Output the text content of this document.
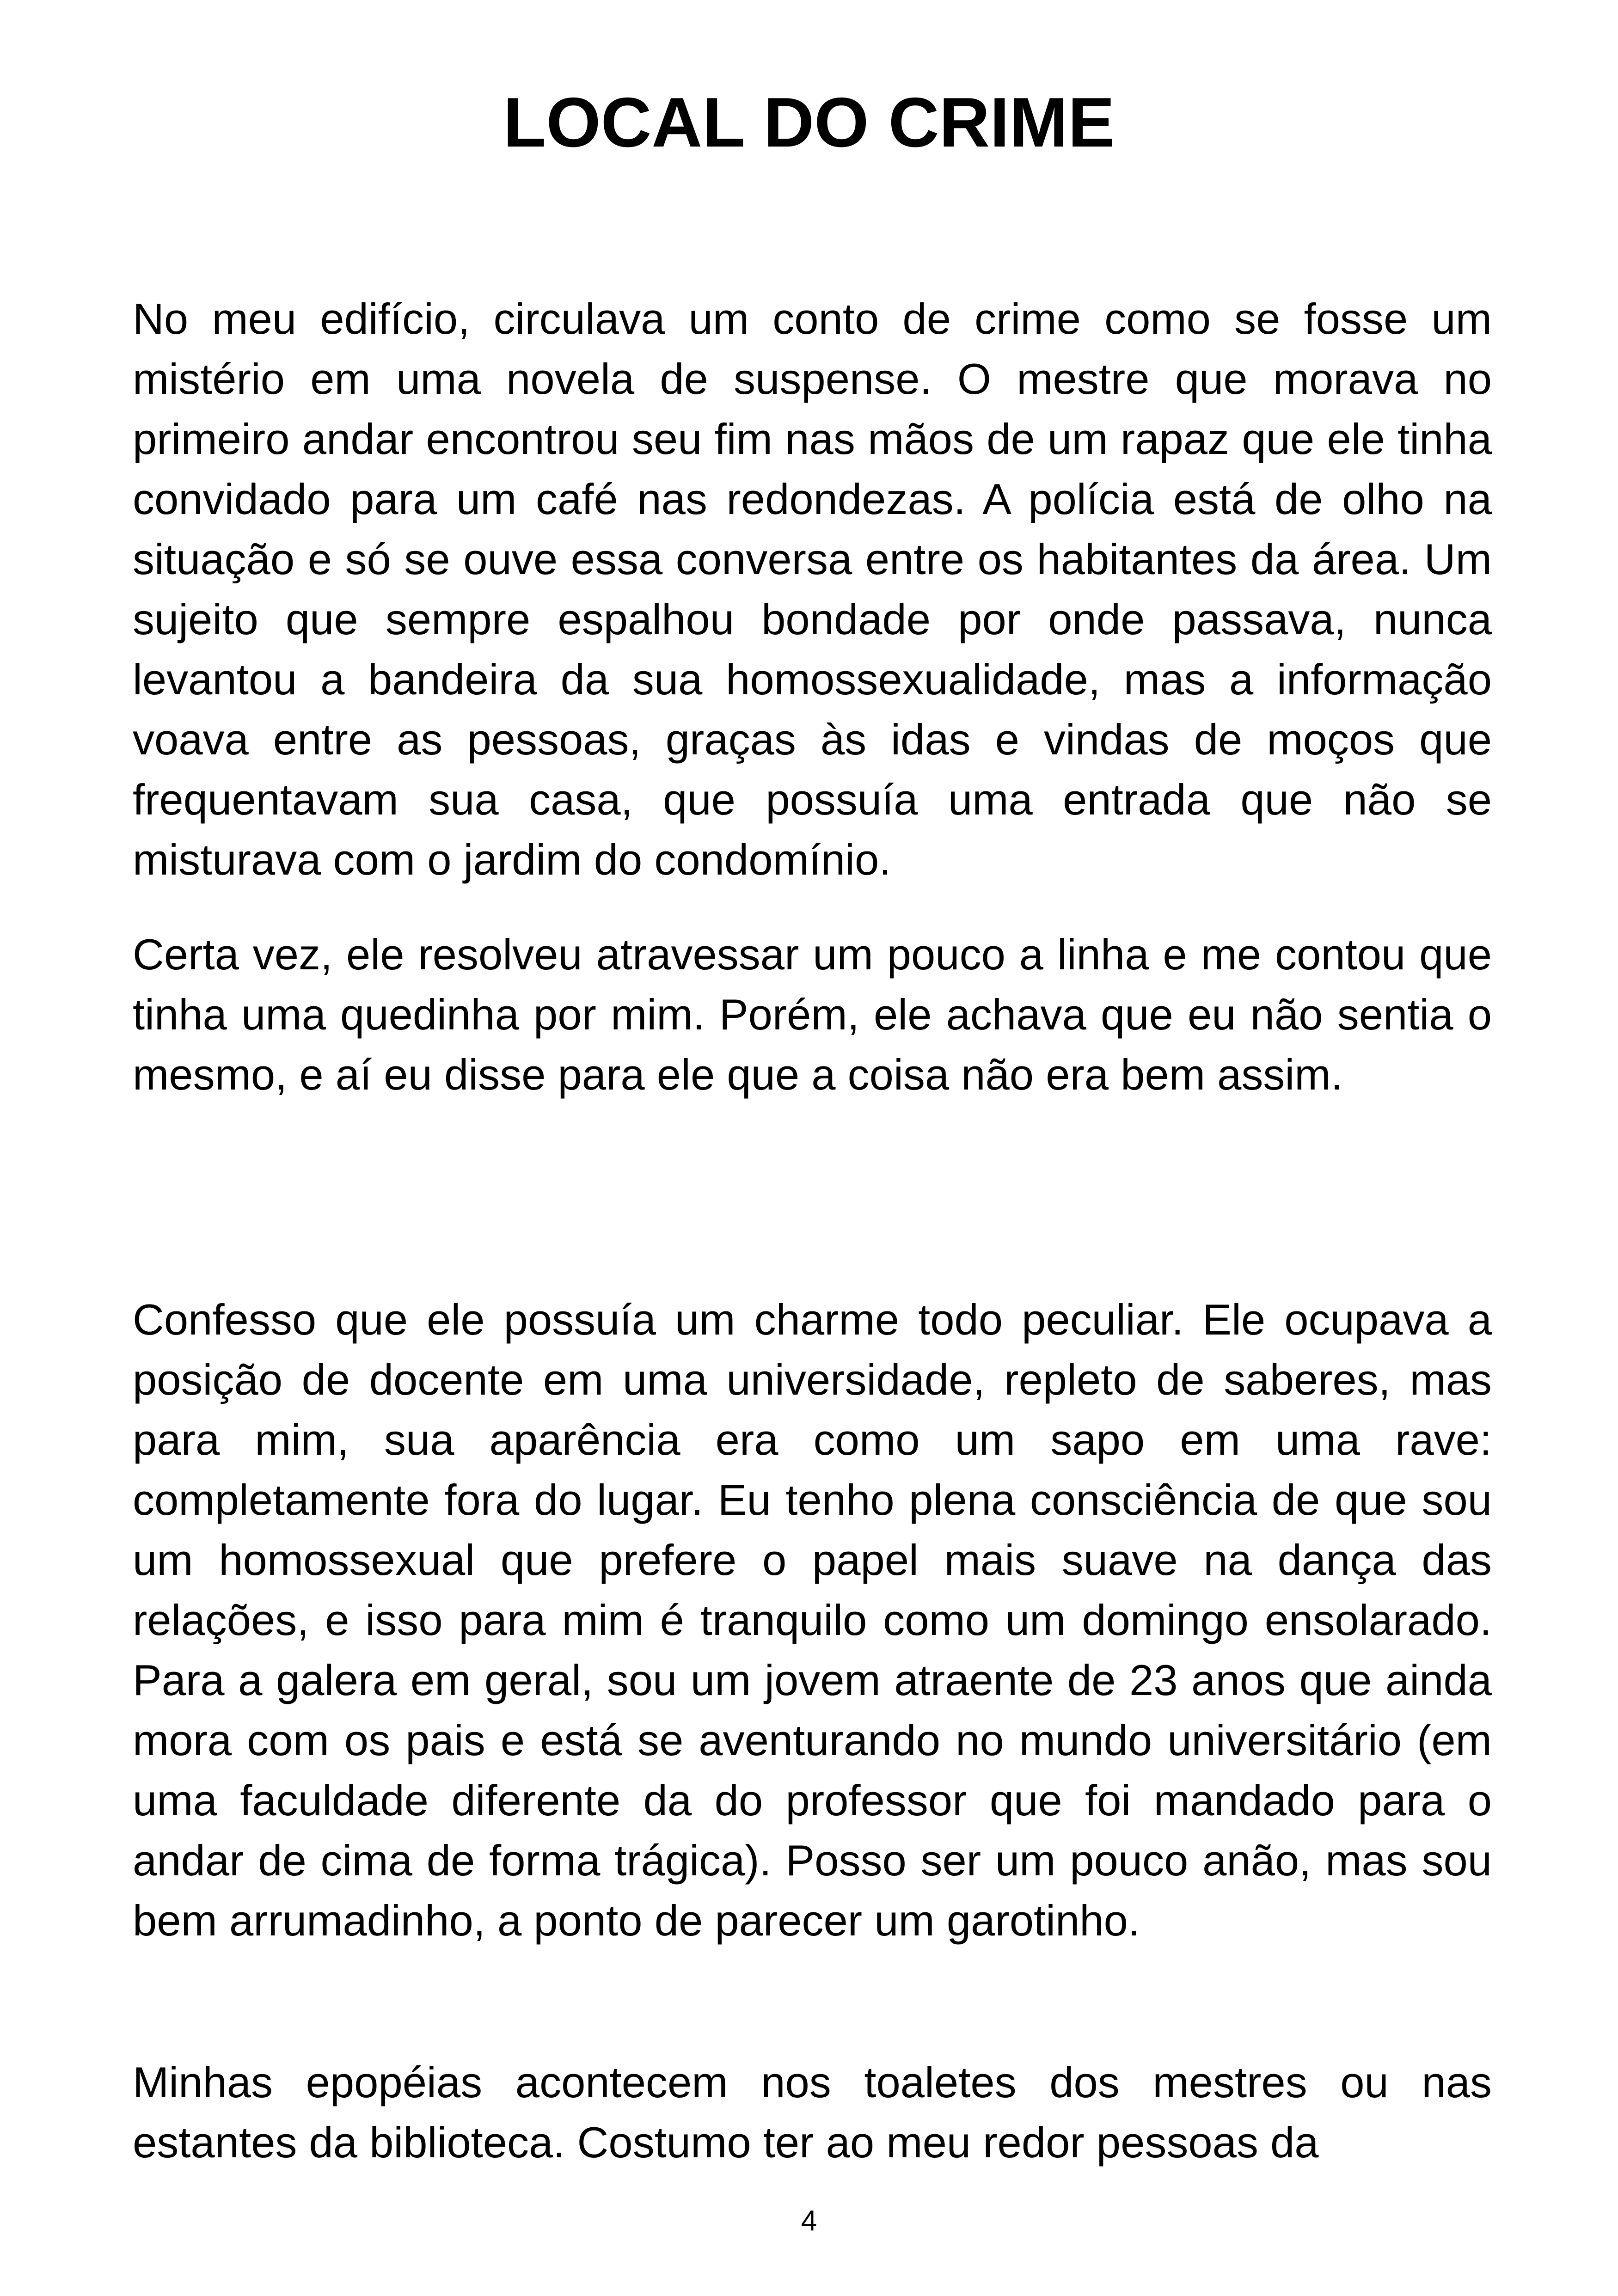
LOCAL DO CRIME

No meu edifício, circulava um conto de crime como se fosse um mistério em uma novela de suspense. O mestre que morava no primeiro andar encontrou seu fim nas mãos de um rapaz que ele tinha convidado para um café nas redondezas. A polícia está de olho na situação e só se ouve essa conversa entre os habitantes da área. Um sujeito que sempre espalhou bondade por onde passava, nunca levantou a bandeira da sua homossexualidade, mas a informação voava entre as pessoas, graças às idas e vindas de moços que frequentavam sua casa, que possuía uma entrada que não se misturava com o jardim do condomínio.

Certa vez, ele resolveu atravessar um pouco a linha e me contou que tinha uma quedinha por mim. Porém, ele achava que eu não sentia o mesmo, e aí eu disse para ele que a coisa não era bem assim.

Confesso que ele possuía um charme todo peculiar. Ele ocupava a posição de docente em uma universidade, repleto de saberes, mas para mim, sua aparência era como um sapo em uma rave: completamente fora do lugar. Eu tenho plena consciência de que sou um homossexual que prefere o papel mais suave na dança das relações, e isso para mim é tranquilo como um domingo ensolarado. Para a galera em geral, sou um jovem atraente de 23 anos que ainda mora com os pais e está se aventurando no mundo universitário (em uma faculdade diferente da do professor que foi mandado para o andar de cima de forma trágica). Posso ser um pouco anão, mas sou bem arrumadinho, a ponto de parecer um garotinho.

Minhas epopéias acontecem nos toaletes dos mestres ou nas estantes da biblioteca. Costumo ter ao meu redor pessoas da

4
